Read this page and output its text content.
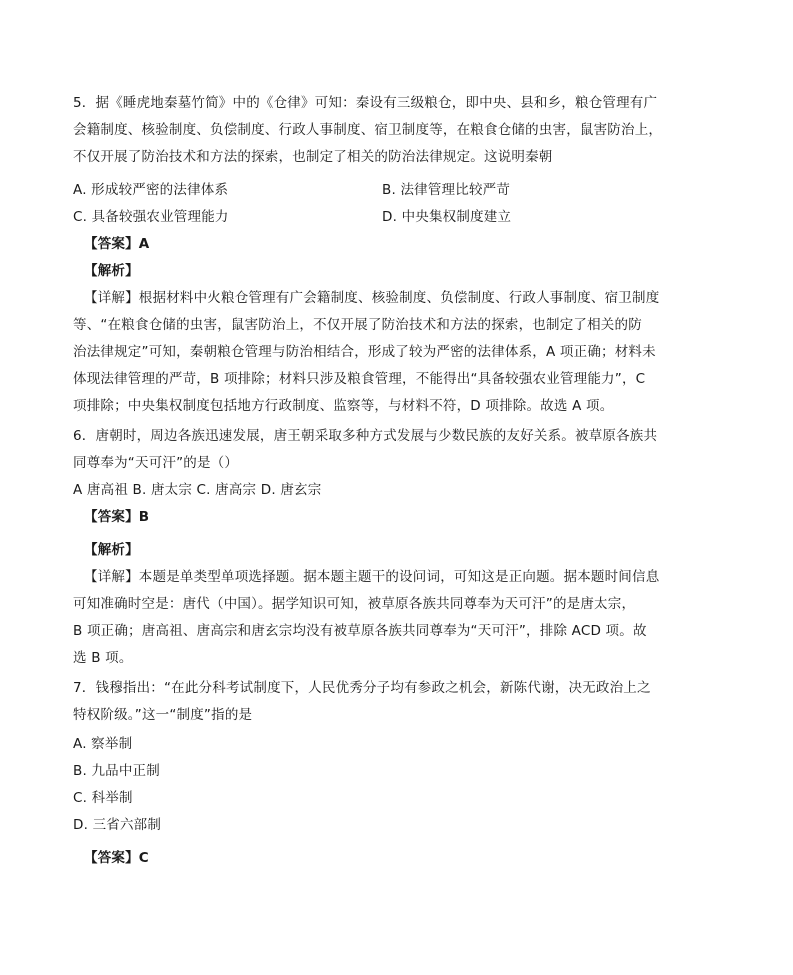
5．据《睡虎地秦墓竹简》中的《仓律》可知：秦设有三级粮仓，即中央、县和乡，粮仓管理有广
会籍制度、核验制度、负偿制度、行政人事制度、宿卫制度等，在粮食仓储的虫害，鼠害防治上，
不仅开展了防治技术和方法的探索，也制定了相关的防治法律规定。这说明秦朝
A. 形成较严密的法律体系	B. 法律管理比较严苛
C. 具备较强农业管理能力	D. 中央集权制度建立
【答案】A
【解析】
【详解】根据材料中火粮仓管理有广会籍制度、核验制度、负偿制度、行政人事制度、宿卫制度
等、“在粮食仓储的虫害，鼠害防治上，不仅开展了防治技术和方法的探索，也制定了相关的防
治法律规定”可知，秦朝粮仓管理与防治相结合，形成了较为严密的法律体系，A 项正确；材料未
体现法律管理的严苛，B 项排除；材料只涉及粮食管理，不能得出“具备较强农业管理能力”，C
项排除；中央集权制度包括地方行政制度、监察等，与材料不符，D 项排除。故选 A 项。
6．唐朝时，周边各族迅速发展，唐王朝采取多种方式发展与少数民族的友好关系。被草原各族共
同尊奉为“天可汗”的是（）
A 唐高祖 B. 唐太宗 C. 唐高宗 D. 唐玄宗
【答案】B
【解析】
【详解】本题是单类型单项选择题。据本题主题干的设问词，可知这是正向题。据本题时间信息
可知准确时空是：唐代（中国）。据学知识可知，被草原各族共同尊奉为天可汗”的是唐太宗，
B 项正确；唐高祖、唐高宗和唐玄宗均没有被草原各族共同尊奉为“天可汗”，排除 ACD 项。故
选 B 项。
7．钱穆指出：“在此分科考试制度下，人民优秀分子均有参政之机会，新陈代谢，决无政治上之
特权阶级。”这一“制度”指的是
A. 察举制
B. 九品中正制
C. 科举制
D. 三省六部制
【答案】C
